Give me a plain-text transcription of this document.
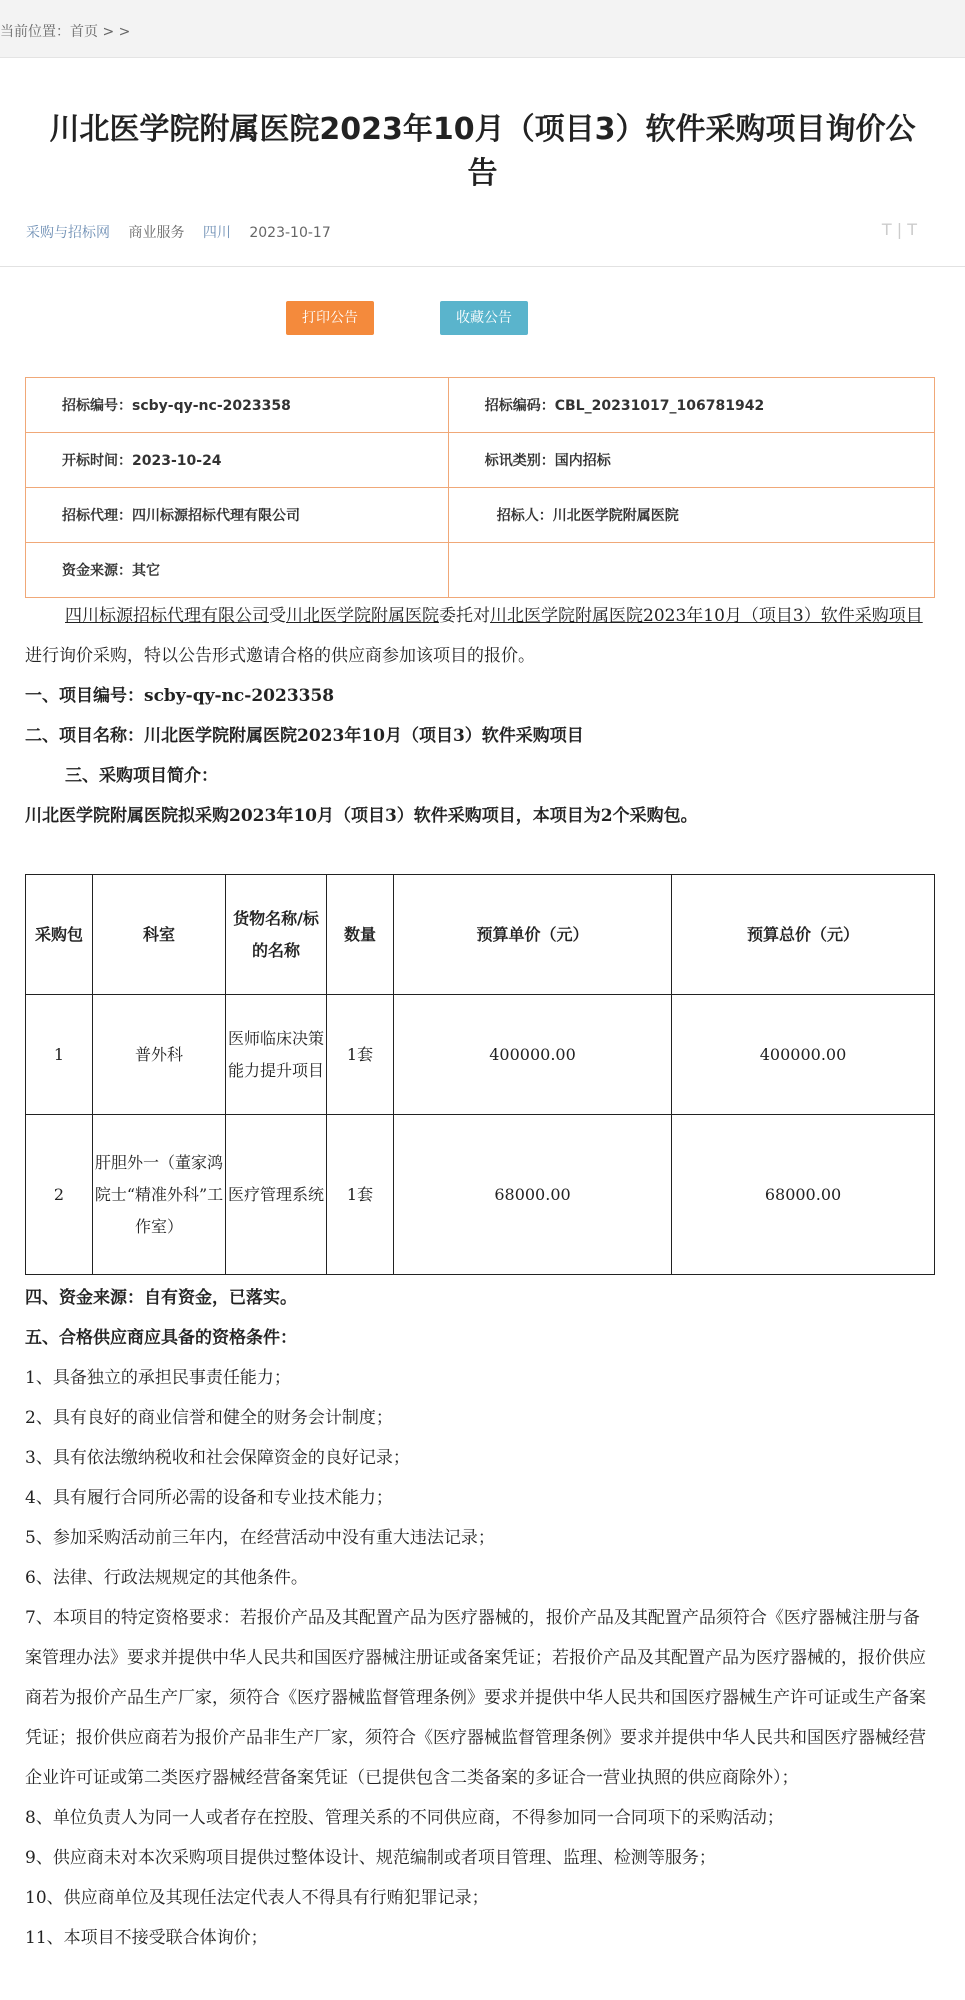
当前位置：首页 > >
川北医学院附属医院2023年10月（项目3）软件采购项目询价公告
采购与招标网 商业服务 四川 2023-10-17	T | T
打印公告	收藏公告
招标编号：scby-qy-nc-2023358	招标编码：CBL_20231017_106781942
开标时间：2023-10-24	标讯类别：国内招标
招标代理：四川标源招标代理有限公司	招标人：川北医学院附属医院
资金来源：其它	

四川标源招标代理有限公司受川北医学院附属医院委托对川北医学院附属医院2023年10月（项目3）软件采购项目进行询价采购，特以公告形式邀请合格的供应商参加该项目的报价。

一、项目编号：scby-qy-nc-2023358

二、项目名称：川北医学院附属医院2023年10月（项目3）软件采购项目

三、采购项目简介：

川北医学院附属医院拟采购2023年10月（项目3）软件采购项目，本项目为2个采购包。

采购包	科室	货物名称/标的名称	数量	预算单价（元）	预算总价（元）
1	普外科	医师临床决策能力提升项目	1套	400000.00	400000.00
2	肝胆外一（董家鸿院士“精准外科”工作室）	医疗管理系统	1套	68000.00	68000.00

四、资金来源：自有资金，已落实。

五、合格供应商应具备的资格条件：

1、具备独立的承担民事责任能力；

2、具有良好的商业信誉和健全的财务会计制度；

3、具有依法缴纳税收和社会保障资金的良好记录；

4、具有履行合同所必需的设备和专业技术能力；

5、参加采购活动前三年内，在经营活动中没有重大违法记录；

6、法律、行政法规规定的其他条件。

7、本项目的特定资格要求：若报价产品及其配置产品为医疗器械的，报价产品及其配置产品须符合《医疗器械注册与备案管理办法》要求并提供中华人民共和国医疗器械注册证或备案凭证；若报价产品及其配置产品为医疗器械的，报价供应商若为报价产品生产厂家，须符合《医疗器械监督管理条例》要求并提供中华人民共和国医疗器械生产许可证或生产备案凭证；报价供应商若为报价产品非生产厂家，须符合《医疗器械监督管理条例》要求并提供中华人民共和国医疗器械经营企业许可证或第二类医疗器械经营备案凭证（已提供包含二类备案的多证合一营业执照的供应商除外）；

8、单位负责人为同一人或者存在控股、管理关系的不同供应商，不得参加同一合同项下的采购活动；

9、供应商未对本次采购项目提供过整体设计、规范编制或者项目管理、监理、检测等服务；

10、供应商单位及其现任法定代表人不得具有行贿犯罪记录；

11、本项目不接受联合体询价；
